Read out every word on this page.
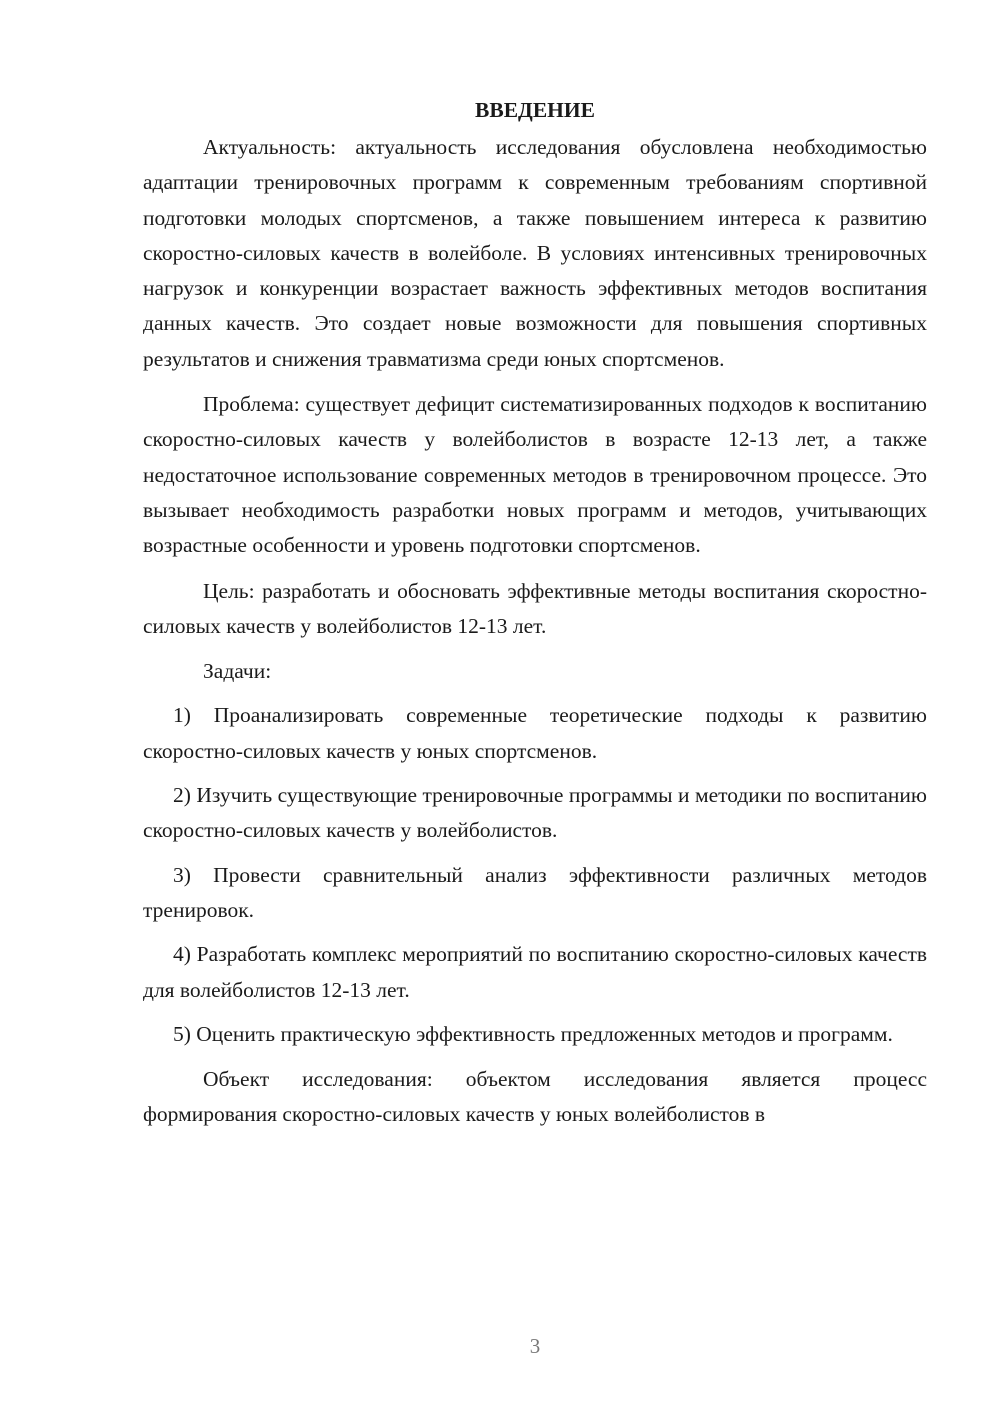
ВВЕДЕНИЕ

Актуальность: актуальность исследования обусловлена необходимостью адаптации тренировочных программ к современным требованиям спортивной подготовки молодых спортсменов, а также повышением интереса к развитию скоростно-силовых качеств в волейболе. В условиях интенсивных тренировочных нагрузок и конкуренции возрастает важность эффективных методов воспитания данных качеств. Это создает новые возможности для повышения спортивных результатов и снижения травматизма среди юных спортсменов.

Проблема: существует дефицит систематизированных подходов к воспитанию скоростно-силовых качеств у волейболистов в возрасте 12-13 лет, а также недостаточное использование современных методов в тренировочном процессе. Это вызывает необходимость разработки новых программ и методов, учитывающих возрастные особенности и уровень подготовки спортсменов.

Цель: разработать и обосновать эффективные методы воспитания скоростно-силовых качеств у волейболистов 12-13 лет.

Задачи:

1) Проанализировать современные теоретические подходы к развитию скоростно-силовых качеств у юных спортсменов.

2) Изучить существующие тренировочные программы и методики по воспитанию скоростно-силовых качеств у волейболистов.

3) Провести сравнительный анализ эффективности различных методов тренировок.

4) Разработать комплекс мероприятий по воспитанию скоростно-силовых качеств для волейболистов 12-13 лет.

5) Оценить практическую эффективность предложенных методов и программ.

Объект исследования: объектом исследования является процесс формирования скоростно-силовых качеств у юных волейболистов в

3
